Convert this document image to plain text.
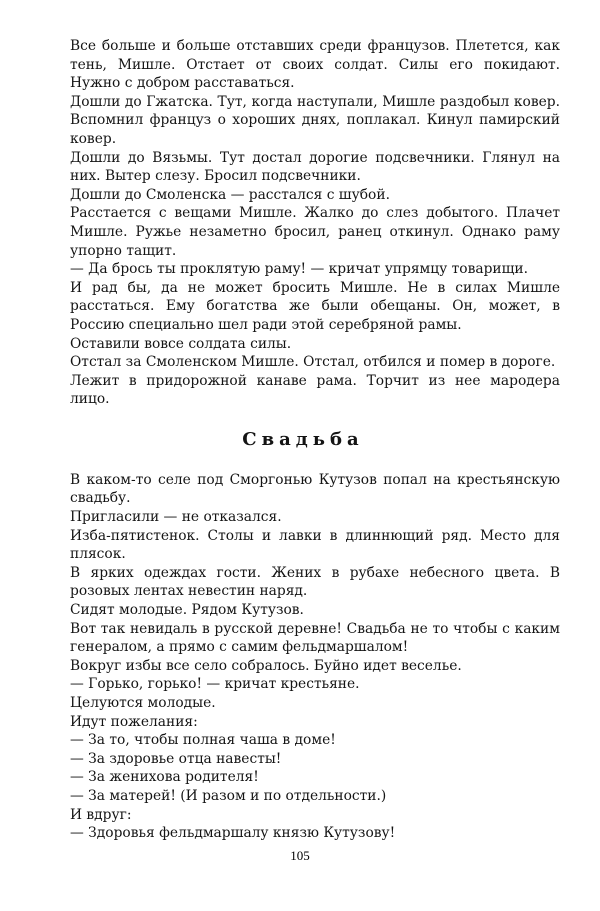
Все больше и больше отставших среди французов. Плетется, как тень, Мишле. Отстает от своих солдат. Силы его покидают. Нужно с добром расставаться.

Дошли до Гжатска. Тут, когда наступали, Мишле раздобыл ковер. Вспомнил француз о хороших днях, поплакал. Кинул памирский ковер.

Дошли до Вязьмы. Тут достал дорогие подсвечники. Глянул на них. Вытер слезу. Бросил подсвечники.

Дошли до Смоленска — расстался с шубой.

Расстается с вещами Мишле. Жалко до слез добытого. Плачет Мишле. Ружье незаметно бросил, ранец откинул. Однако раму упорно тащит.

— Да брось ты проклятую раму! — кричат упрямцу товарищи.

И рад бы, да не может бросить Мишле. Не в силах Мишле расстаться. Ему богатства же были обещаны. Он, может, в Россию специально шел ради этой серебряной рамы.

Оставили вовсе солдата силы.

Отстал за Смоленском Мишле. Отстал, отбился и помер в дороге.

Лежит в придорожной канаве рама. Торчит из нее мародера лицо.

Свадьба

В каком-то селе под Сморгонью Кутузов попал на крестьянскую свадьбу.

Пригласили — не отказался.

Изба-пятистенок. Столы и лавки в длиннющий ряд. Место для плясок.

В ярких одеждах гости. Жених в рубахе небесного цвета. В розовых лентах невестин наряд.

Сидят молодые. Рядом Кутузов.

Вот так невидаль в русской деревне! Свадьба не то чтобы с каким генералом, а прямо с самим фельдмаршалом!

Вокруг избы все село собралось. Буйно идет веселье.

— Горько, горько! — кричат крестьяне.

Целуются молодые.

Идут пожелания:

— За то, чтобы полная чаша в доме!

— За здоровье отца навесты!

— За женихова родителя!

— За матерей! (И разом и по отдельности.)

И вдруг:

— Здоровья фельдмаршалу князю Кутузову!

105
